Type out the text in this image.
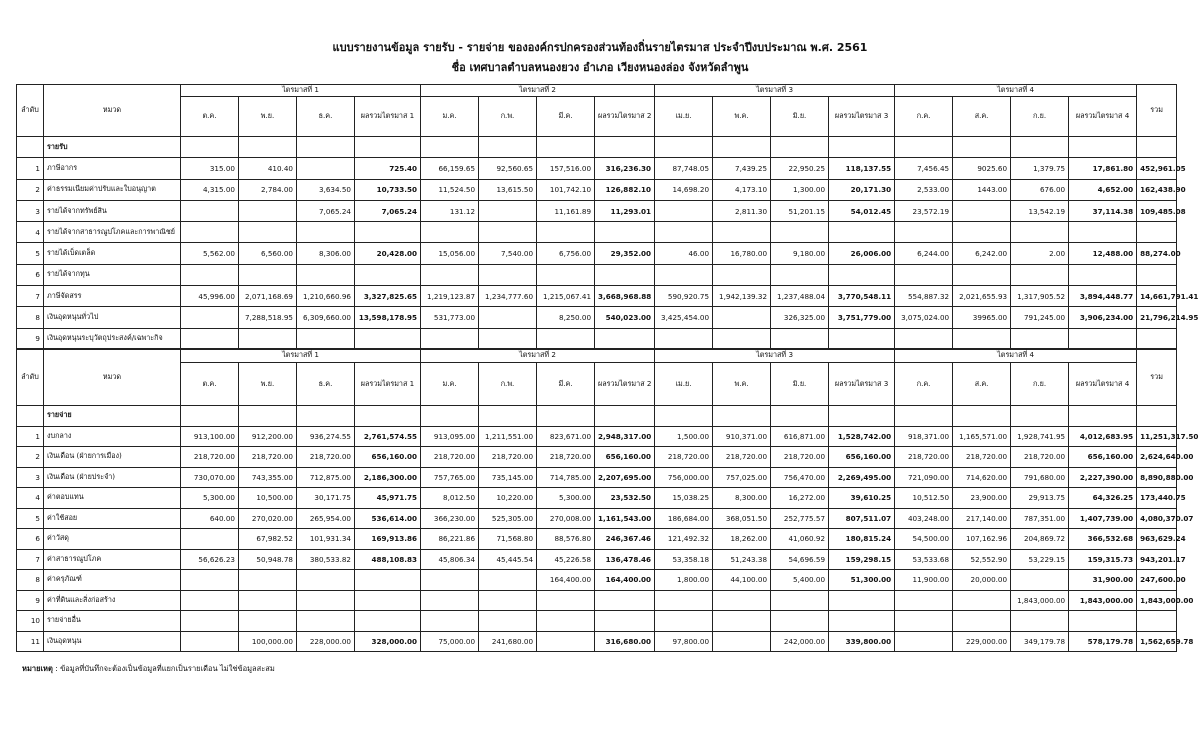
แบบรายงานข้อมูล รายรับ - รายจ่าย ขององค์กรปกครองส่วนท้องถิ่นรายไตรมาส ประจำปีงบประมาณ พ.ศ. 2561
ชื่อ เทศบาลตำบลหนองยวง อำเภอ เวียงหนองล่อง จังหวัดลำพูน
ลำดับ	หมวด	ไตรมาสที่ 1				ไตรมาสที่ 2				ไตรมาสที่ 3				ไตรมาสที่ 4				รวม
		ต.ค.	พ.ย.	ธ.ค.	ผลรวมไตรมาส 1	ม.ค.	ก.พ.	มี.ค.	ผลรวมไตรมาส 2	เม.ย.	พ.ค.	มิ.ย.	ผลรวมไตรมาส 3	ก.ค.	ส.ค.	ก.ย.	ผลรวมไตรมาส 4	
	รายรับ																	
1	ภาษีอากร	315.00	410.40		725.40	66,159.65	92,560.65	157,516.00	316,236.30	87,748.05	7,439.25	22,950.25	118,137.55	7,456.45	9025.60	1,379.75	17,861.80	452,961.05
2	ค่าธรรมเนียมค่าปรับและใบอนุญาต	4,315.00	2,784.00	3,634.50	10,733.50	11,524.50	13,615.50	101,742.10	126,882.10	14,698.20	4,173.10	1,300.00	20,171.30	2,533.00	1443.00	676.00	4,652.00	162,438.90
3	รายได้จากทรัพย์สิน			7,065.24	7,065.24	131.12		11,161.89	11,293.01		2,811.30	51,201.15	54,012.45	23,572.19		13,542.19	37,114.38	109,485.08
4	รายได้จากสาธารณูปโภคและการพาณิชย์																	
5	รายได้เบ็ดเตล็ด	5,562.00	6,560.00	8,306.00	20,428.00	15,056.00	7,540.00	6,756.00	29,352.00	46.00	16,780.00	9,180.00	26,006.00	6,244.00	6,242.00	2.00	12,488.00	88,274.00
6	รายได้จากทุน																	
7	ภาษีจัดสรร	45,996.00	2,071,168.69	1,210,660.96	3,327,825.65	1,219,123.87	1,234,777.60	1,215,067.41	3,668,968.88	590,920.75	1,942,139.32	1,237,488.04	3,770,548.11	554,887.32	2,021,655.93	1,317,905.52	3,894,448.77	14,661,791.41
8	เงินอุดหนุนทั่วไป		7,288,518.95	6,309,660.00	13,598,178.95	531,773.00		8,250.00	540,023.00	3,425,454.00		326,325.00	3,751,779.00	3,075,024.00	39965.00	791,245.00	3,906,234.00	21,796,214.95
9	เงินอุดหนุนระบุวัตถุประสงค์/เฉพาะกิจ																	
ลำดับ	หมวด	ไตรมาสที่ 1				ไตรมาสที่ 2				ไตรมาสที่ 3				ไตรมาสที่ 4				รวม
		ต.ค.	พ.ย.	ธ.ค.	ผลรวมไตรมาส 1	ม.ค.	ก.พ.	มี.ค.	ผลรวมไตรมาส 2	เม.ย.	พ.ค.	มิ.ย.	ผลรวมไตรมาส 3	ก.ค.	ส.ค.	ก.ย.	ผลรวมไตรมาส 4	
	รายจ่าย																	
1	งบกลาง	913,100.00	912,200.00	936,274.55	2,761,574.55	913,095.00	1,211,551.00	823,671.00	2,948,317.00	1,500.00	910,371.00	616,871.00	1,528,742.00	918,371.00	1,165,571.00	1,928,741.95	4,012,683.95	11,251,317.50
2	เงินเดือน (ฝ่ายการเมือง)	218,720.00	218,720.00	218,720.00	656,160.00	218,720.00	218,720.00	218,720.00	656,160.00	218,720.00	218,720.00	218,720.00	656,160.00	218,720.00	218,720.00	218,720.00	656,160.00	2,624,640.00
3	เงินเดือน (ฝ่ายประจำ)	730,070.00	743,355.00	712,875.00	2,186,300.00	757,765.00	735,145.00	714,785.00	2,207,695.00	756,000.00	757,025.00	756,470.00	2,269,495.00	721,090.00	714,620.00	791,680.00	2,227,390.00	8,890,880.00
4	ค่าตอบแทน	5,300.00	10,500.00	30,171.75	45,971.75	8,012.50	10,220.00	5,300.00	23,532.50	15,038.25	8,300.00	16,272.00	39,610.25	10,512.50	23,900.00	29,913.75	64,326.25	173,440.75
5	ค่าใช้สอย	640.00	270,020.00	265,954.00	536,614.00	366,230.00	525,305.00	270,008.00	1,161,543.00	186,684.00	368,051.50	252,775.57	807,511.07	403,248.00	217,140.00	787,351.00	1,407,739.00	4,080,370.07
6	ค่าวัสดุ		67,982.52	101,931.34	169,913.86	86,221.86	71,568.80	88,576.80	246,367.46	121,492.32	18,262.00	41,060.92	180,815.24	54,500.00	107,162.96	204,869.72	366,532.68	963,629.24
7	ค่าสาธารณูปโภค	56,626.23	50,948.78	380,533.82	488,108.83	45,806.34	45,445.54	45,226.58	136,478.46	53,358.18	51,243.38	54,696.59	159,298.15	53,533.68	52,552.90	53,229.15	159,315.73	943,201.17
8	ค่าครุภัณฑ์							164,400.00	164,400.00	1,800.00	44,100.00	5,400.00	51,300.00	11,900.00	20,000.00		31,900.00	247,600.00
9	ค่าที่ดินและสิ่งก่อสร้าง															1,843,000.00	1,843,000.00	1,843,000.00
10	รายจ่ายอื่น																	
11	เงินอุดหนุน		100,000.00	228,000.00	328,000.00	75,000.00	241,680.00		316,680.00	97,800.00		242,000.00	339,800.00		229,000.00	349,179.78	578,179.78	1,562,659.78
หมายเหตุ : ข้อมูลที่บันทึกจะต้องเป็นข้อมูลที่แยกเป็นรายเดือน ไม่ใช่ข้อมูลสะสม
